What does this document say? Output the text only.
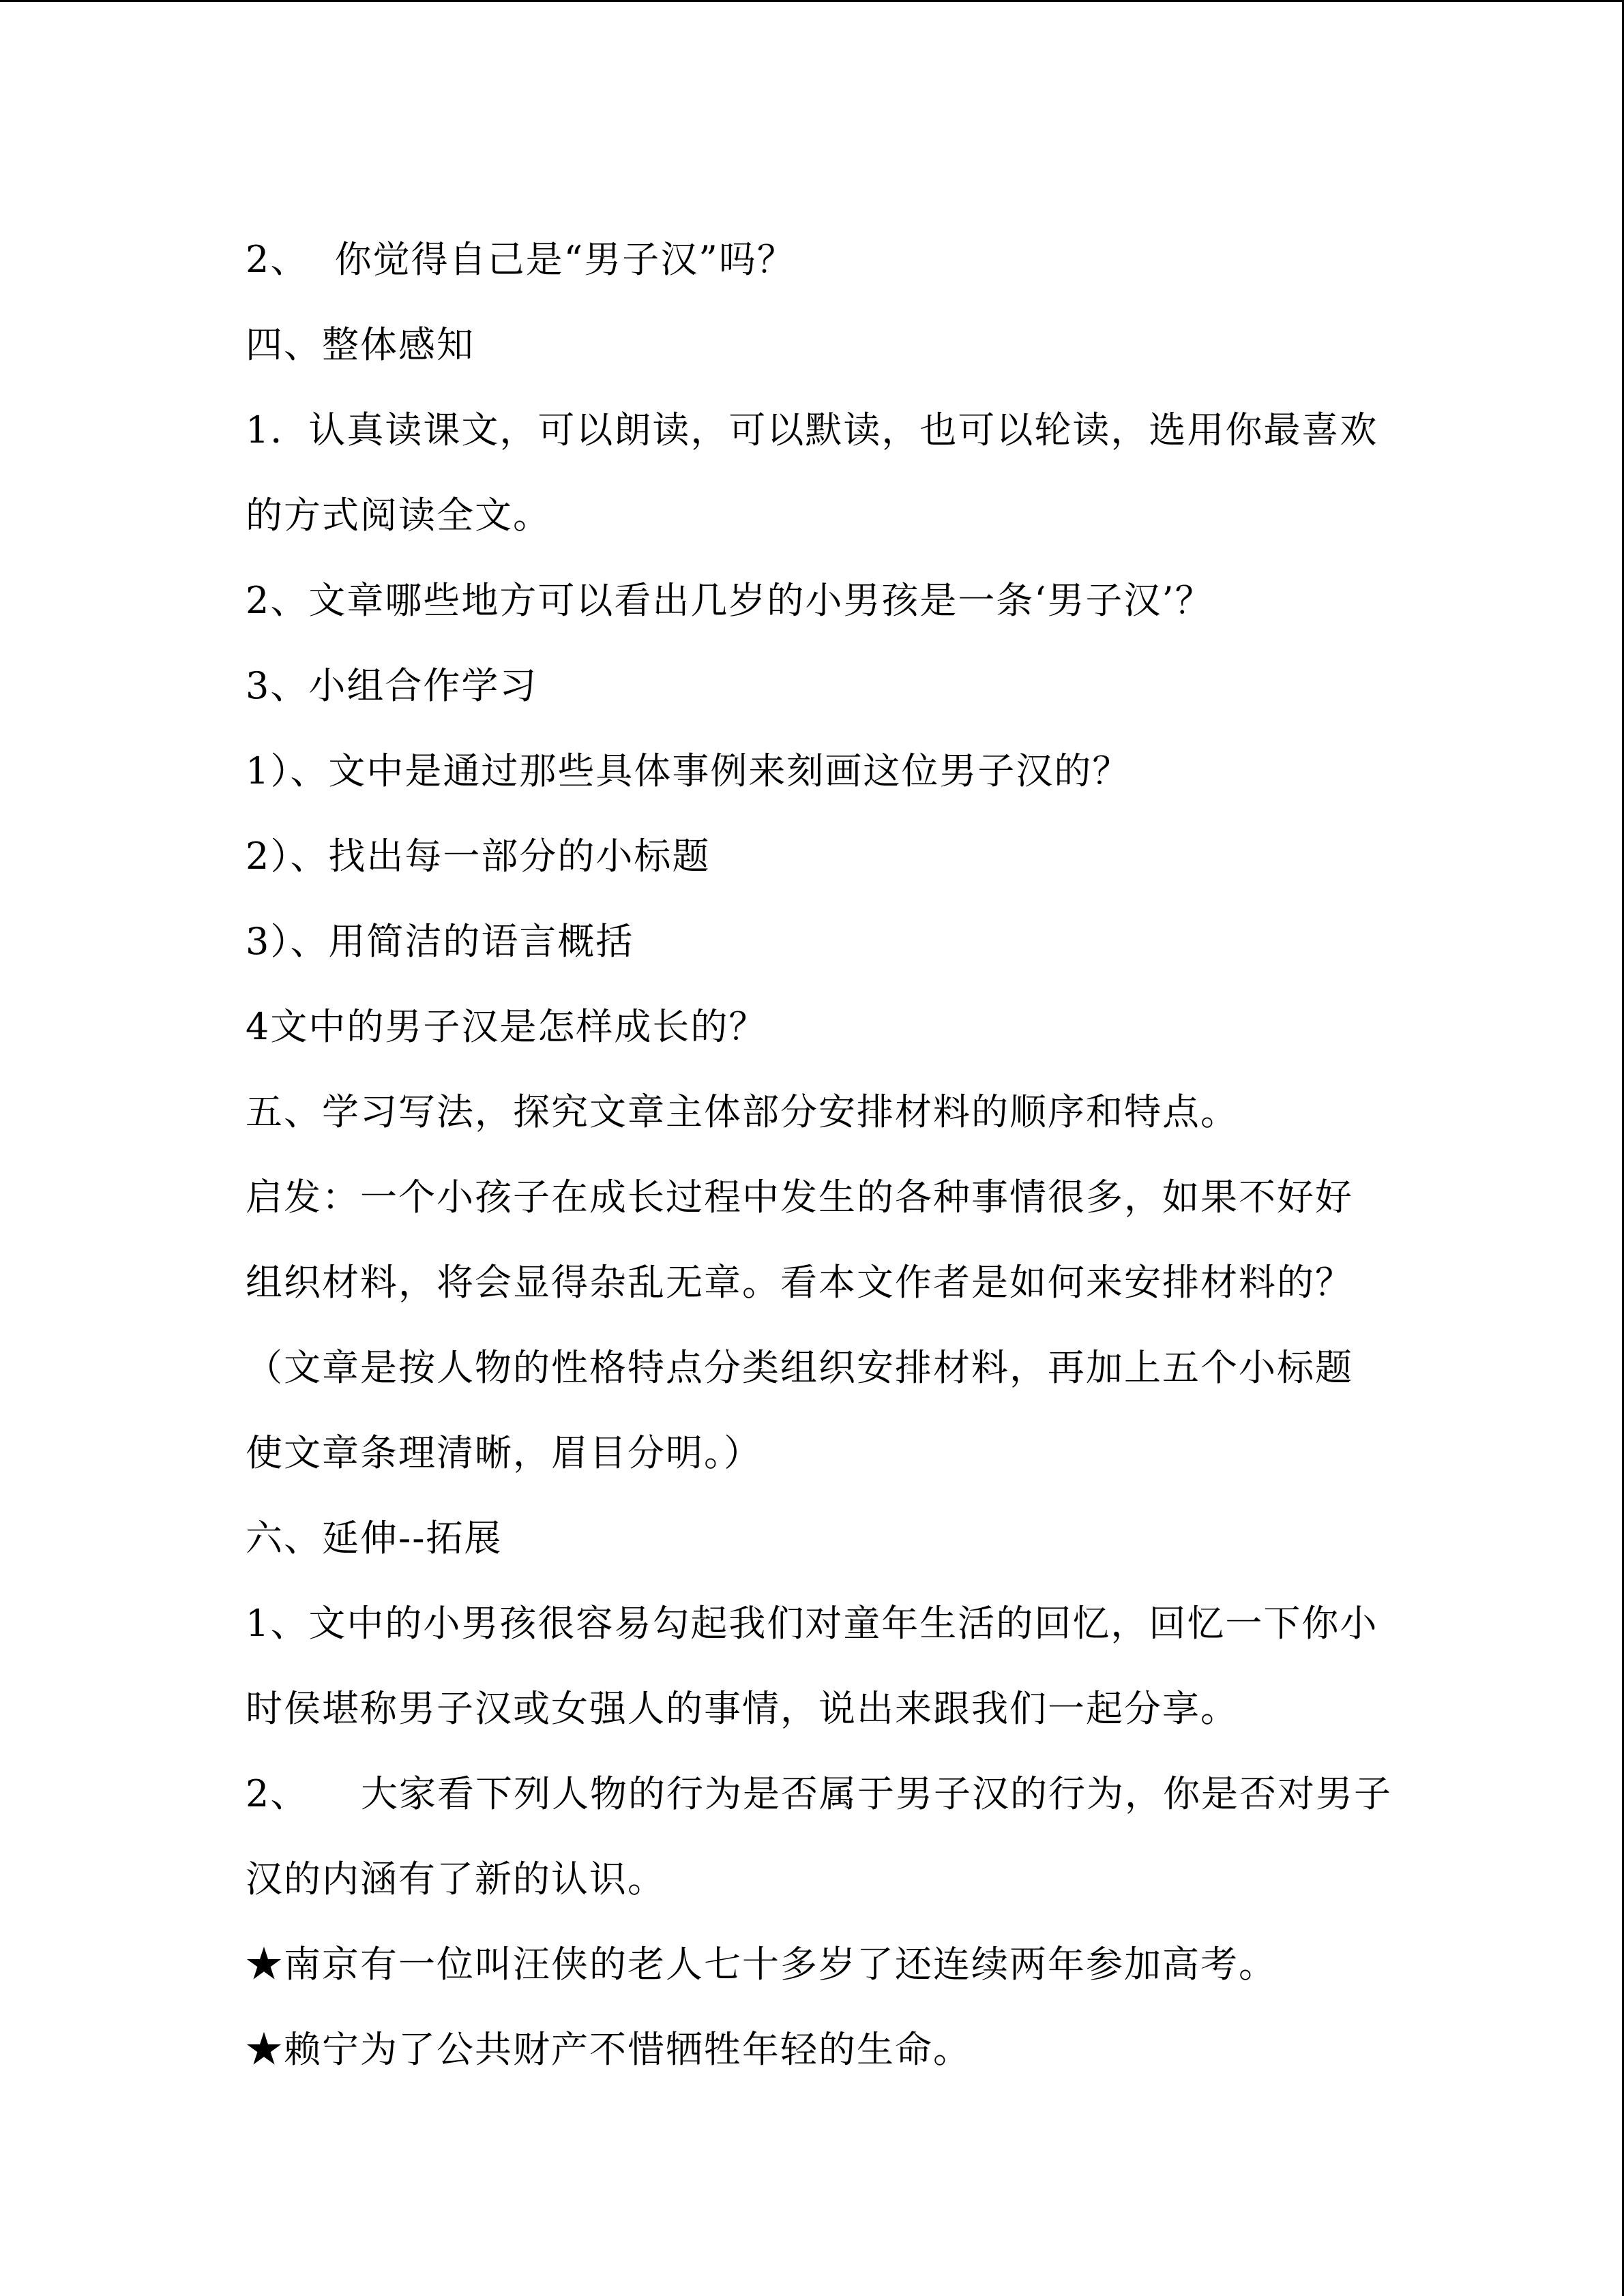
2、  你觉得自己是“男子汉”吗？
四、整体感知
1．认真读课文，可以朗读，可以默读，也可以轮读，选用你最喜欢
的方式阅读全文。
2、文章哪些地方可以看出几岁的小男孩是一条‘男子汉’？
3、小组合作学习
1）、文中是通过那些具体事例来刻画这位男子汉的？
2）、找出每一部分的小标题
3）、用简洁的语言概括
4文中的男子汉是怎样成长的？
五、学习写法，探究文章主体部分安排材料的顺序和特点。
启发：一个小孩子在成长过程中发生的各种事情很多，如果不好好
组织材料，将会显得杂乱无章。看本文作者是如何来安排材料的？
（文章是按人物的性格特点分类组织安排材料，再加上五个小标题
使文章条理清晰，眉目分明。）
六、延伸--拓展
1、文中的小男孩很容易勾起我们对童年生活的回忆，回忆一下你小
时侯堪称男子汉或女强人的事情，说出来跟我们一起分享。
2、    大家看下列人物的行为是否属于男子汉的行为，你是否对男子
汉的内涵有了新的认识。
★南京有一位叫汪侠的老人七十多岁了还连续两年参加高考。
★赖宁为了公共财产不惜牺牲年轻的生命。
